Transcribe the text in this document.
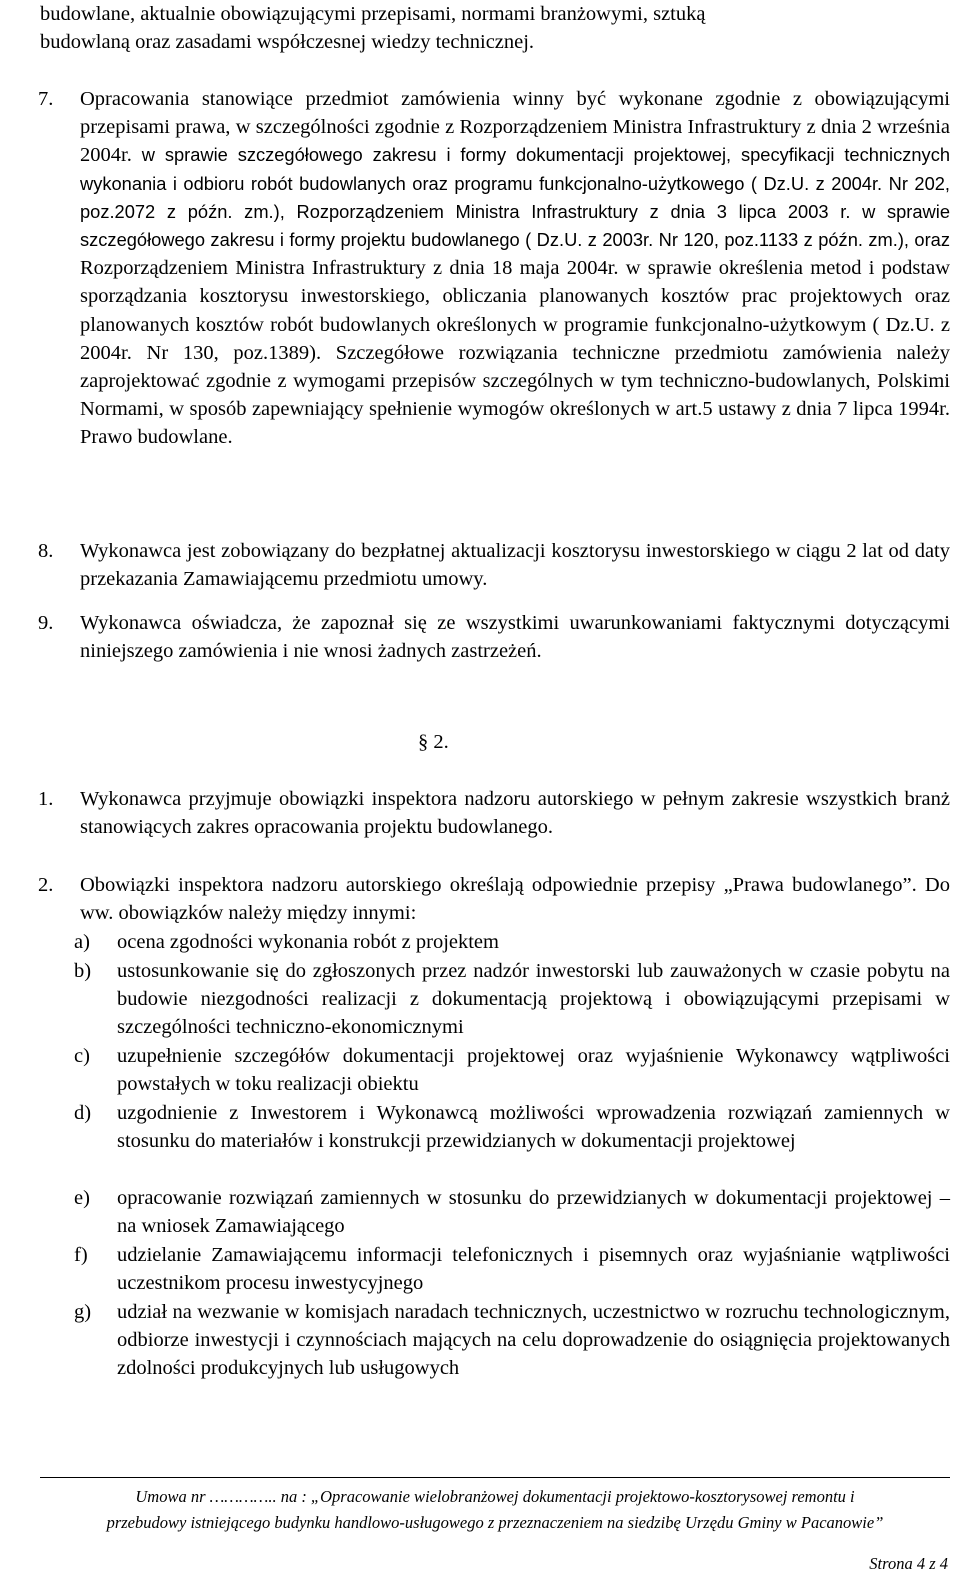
budowlane, aktualnie obowiązującymi przepisami, normami branżowymi, sztuką
budowlaną oraz zasadami współczesnej wiedzy technicznej.

7. Opracowania stanowiące przedmiot zamówienia winny być wykonane zgodnie z obowiązującymi przepisami prawa, w szczególności zgodnie z Rozporządzeniem Ministra Infrastruktury z dnia 2 września 2004r. w sprawie szczegółowego zakresu i formy dokumentacji projektowej, specyfikacji technicznych wykonania i odbioru robót budowlanych oraz programu funkcjonalno-użytkowego ( Dz.U. z 2004r. Nr 202, poz.2072 z późn. zm.), Rozporządzeniem Ministra Infrastruktury z dnia 3 lipca 2003 r. w sprawie szczegółowego zakresu i formy projektu budowlanego ( Dz.U. z 2003r. Nr 120, poz.1133 z późn. zm.), oraz Rozporządzeniem Ministra Infrastruktury z dnia 18 maja 2004r. w sprawie określenia metod i podstaw sporządzania kosztorysu inwestorskiego, obliczania planowanych kosztów prac projektowych oraz planowanych kosztów robót budowlanych określonych w programie funkcjonalno-użytkowym ( Dz.U. z 2004r. Nr 130, poz.1389). Szczegółowe rozwiązania techniczne przedmiotu zamówienia należy zaprojektować zgodnie z wymogami przepisów szczególnych w tym techniczno-budowlanych, Polskimi Normami, w sposób zapewniający spełnienie wymogów określonych w art.5 ustawy z dnia 7 lipca 1994r. Prawo budowlane.
8. Wykonawca jest zobowiązany do bezpłatnej aktualizacji kosztorysu inwestorskiego w ciągu 2 lat od daty przekazania Zamawiającemu przedmiotu umowy.
9. Wykonawca oświadcza, że zapoznał się ze wszystkimi uwarunkowaniami faktycznymi dotyczącymi niniejszego zamówienia i nie wnosi żadnych zastrzeżeń.
1. Wykonawca przyjmuje obowiązki inspektora nadzoru autorskiego w pełnym zakresie wszystkich branż stanowiących zakres opracowania projektu budowlanego.
2. Obowiązki inspektora nadzoru autorskiego określają odpowiednie przepisy „Prawa budowlanego”. Do ww. obowiązków należy między innymi:
a) ocena zgodności wykonania robót z projektem
b) ustosunkowanie się do zgłoszonych przez nadzór inwestorski lub zauważonych w czasie pobytu na budowie niezgodności realizacji z dokumentacją projektową i obowiązującymi przepisami w szczególności techniczno-ekonomicznymi
c) uzupełnienie szczegółów dokumentacji projektowej oraz wyjaśnienie Wykonawcy wątpliwości powstałych w toku realizacji obiektu
d) uzgodnienie z Inwestorem i Wykonawcą możliwości wprowadzenia rozwiązań zamiennych w stosunku do materiałów i konstrukcji przewidzianych w dokumentacji projektowej
e) opracowanie rozwiązań zamiennych w stosunku do przewidzianych w dokumentacji projektowej – na wniosek Zamawiającego
f) udzielanie Zamawiającemu informacji telefonicznych i pisemnych oraz wyjaśnianie wątpliwości uczestnikom procesu inwestycyjnego
g) udział na wezwanie w komisjach naradach technicznych, uczestnictwo w rozruchu technologicznym, odbiorze inwestycji i czynnościach mających na celu doprowadzenie do osiągnięcia projektowanych zdolności produkcyjnych lub usługowych
§ 2.
Umowa nr ………….. na : „Opracowanie wielobranżowej dokumentacji projektowo-kosztorysowej remontu i
przebudowy istniejącego budynku handlowo-usługowego z przeznaczeniem na siedzibę Urzędu Gminy w Pacanowie”
Strona 4 z 4
